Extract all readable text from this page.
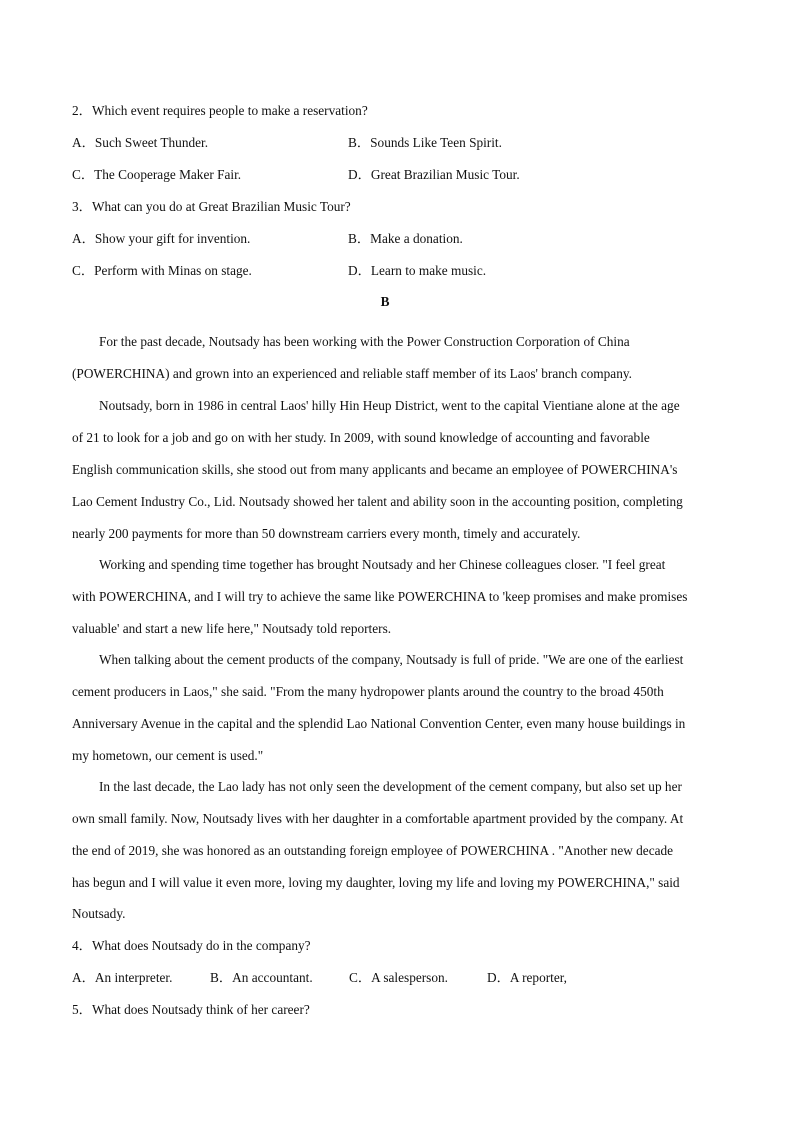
2．Which event requires people to make a reservation?
A．Such Sweet Thunder.	B．Sounds Like Teen Spirit.
C．The Cooperage Maker Fair.	D．Great Brazilian Music Tour.
3．What can you do at Great Brazilian Music Tour?
A．Show your gift for invention.	B．Make a donation.
C．Perform with Minas on stage.	D．Learn to make music.
B
For the past decade, Noutsady has been working with the Power Construction Corporation of China
(POWERCHINA) and grown into an experienced and reliable staff member of its Laos' branch company.
Noutsady, born in 1986 in central Laos' hilly Hin Heup District, went to the capital Vientiane alone at the age
of 21 to look for a job and go on with her study. In 2009, with sound knowledge of accounting and favorable
English communication skills, she stood out from many applicants and became an employee of POWERCHINA's
Lao Cement Industry Co., Lid. Noutsady showed her talent and ability soon in the accounting position, completing
nearly 200 payments for more than 50 downstream carriers every month, timely and accurately.
Working and spending time together has brought Noutsady and her Chinese colleagues closer. "I feel great
with POWERCHINA, and I will try to achieve the same like POWERCHINA to 'keep promises and make promises
valuable' and start a new life here," Noutsady told reporters.
When talking about the cement products of the company, Noutsady is full of pride. "We are one of the earliest
cement producers in Laos," she said. "From the many hydropower plants around the country to the broad 450th
Anniversary Avenue in the capital and the splendid Lao National Convention Center, even many house buildings in
my hometown, our cement is used."
In the last decade, the Lao lady has not only seen the development of the cement company, but also set up her
own small family. Now, Noutsady lives with her daughter in a comfortable apartment provided by the company. At
the end of 2019, she was honored as an outstanding foreign employee of POWERCHINA . "Another new decade
has begun and I will value it even more, loving my daughter, loving my life and loving my POWERCHINA," said
Noutsady.
4．What does Noutsady do in the company?
A．An interpreter.	B．An accountant.	C．A salesperson.	D．A reporter,
5．What does Noutsady think of her career?
